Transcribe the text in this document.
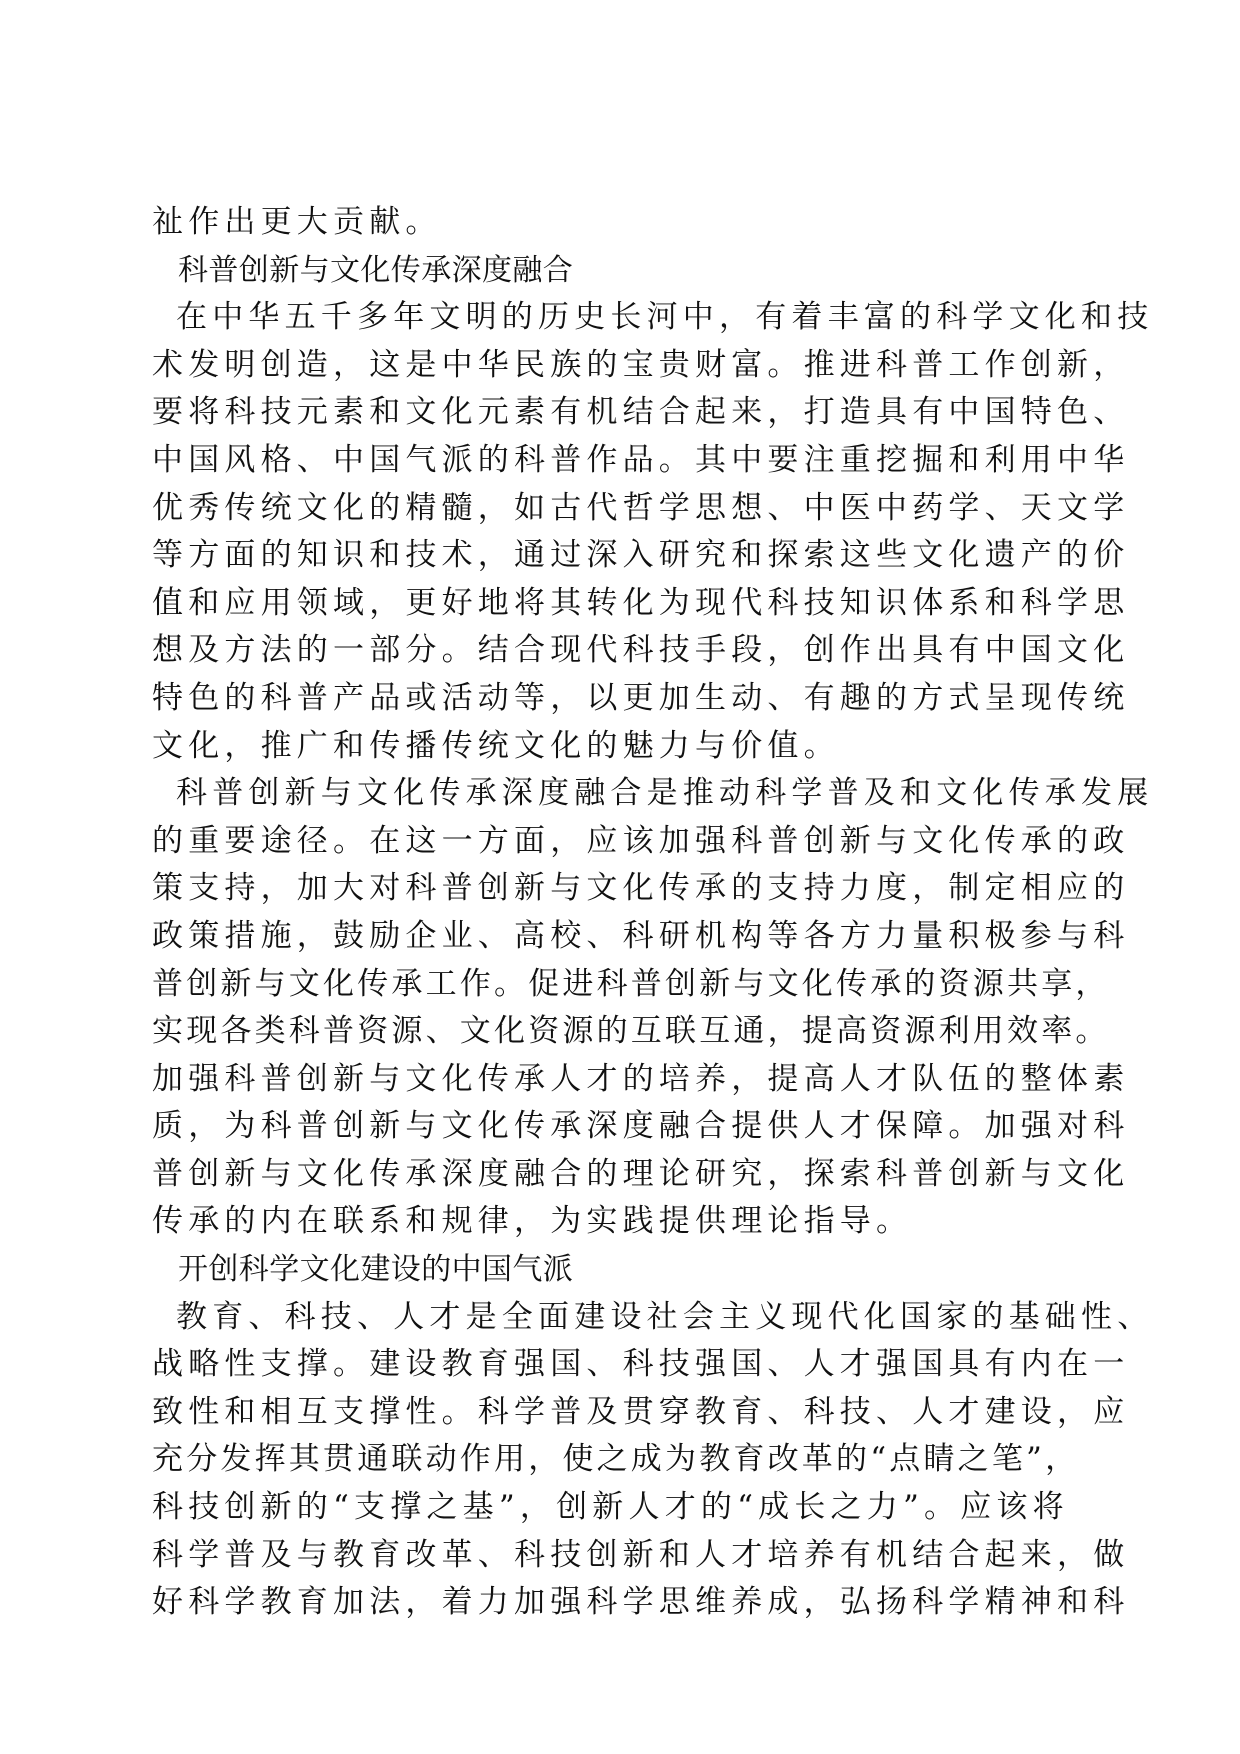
祉作出更大贡献。
科普创新与文化传承深度融合
在中华五千多年文明的历史长河中，有着丰富的科学文化和技
术发明创造，这是中华民族的宝贵财富。推进科普工作创新，
要将科技元素和文化元素有机结合起来，打造具有中国特色、
中国风格、中国气派的科普作品。其中要注重挖掘和利用中华
优秀传统文化的精髓，如古代哲学思想、中医中药学、天文学
等方面的知识和技术，通过深入研究和探索这些文化遗产的价
值和应用领域，更好地将其转化为现代科技知识体系和科学思
想及方法的一部分。结合现代科技手段，创作出具有中国文化
特色的科普产品或活动等，以更加生动、有趣的方式呈现传统
文化，推广和传播传统文化的魅力与价值。
科普创新与文化传承深度融合是推动科学普及和文化传承发展
的重要途径。在这一方面，应该加强科普创新与文化传承的政
策支持，加大对科普创新与文化传承的支持力度，制定相应的
政策措施，鼓励企业、高校、科研机构等各方力量积极参与科
普创新与文化传承工作。促进科普创新与文化传承的资源共享，
实现各类科普资源、文化资源的互联互通，提高资源利用效率。
加强科普创新与文化传承人才的培养，提高人才队伍的整体素
质，为科普创新与文化传承深度融合提供人才保障。加强对科
普创新与文化传承深度融合的理论研究，探索科普创新与文化
传承的内在联系和规律，为实践提供理论指导。
开创科学文化建设的中国气派
教育、科技、人才是全面建设社会主义现代化国家的基础性、
战略性支撑。建设教育强国、科技强国、人才强国具有内在一
致性和相互支撑性。科学普及贯穿教育、科技、人才建设，应
充分发挥其贯通联动作用，使之成为教育改革的“点睛之笔”，
科技创新的“支撑之基”，创新人才的“成长之力”。应该将
科学普及与教育改革、科技创新和人才培养有机结合起来，做
好科学教育加法，着力加强科学思维养成，弘扬科学精神和科
